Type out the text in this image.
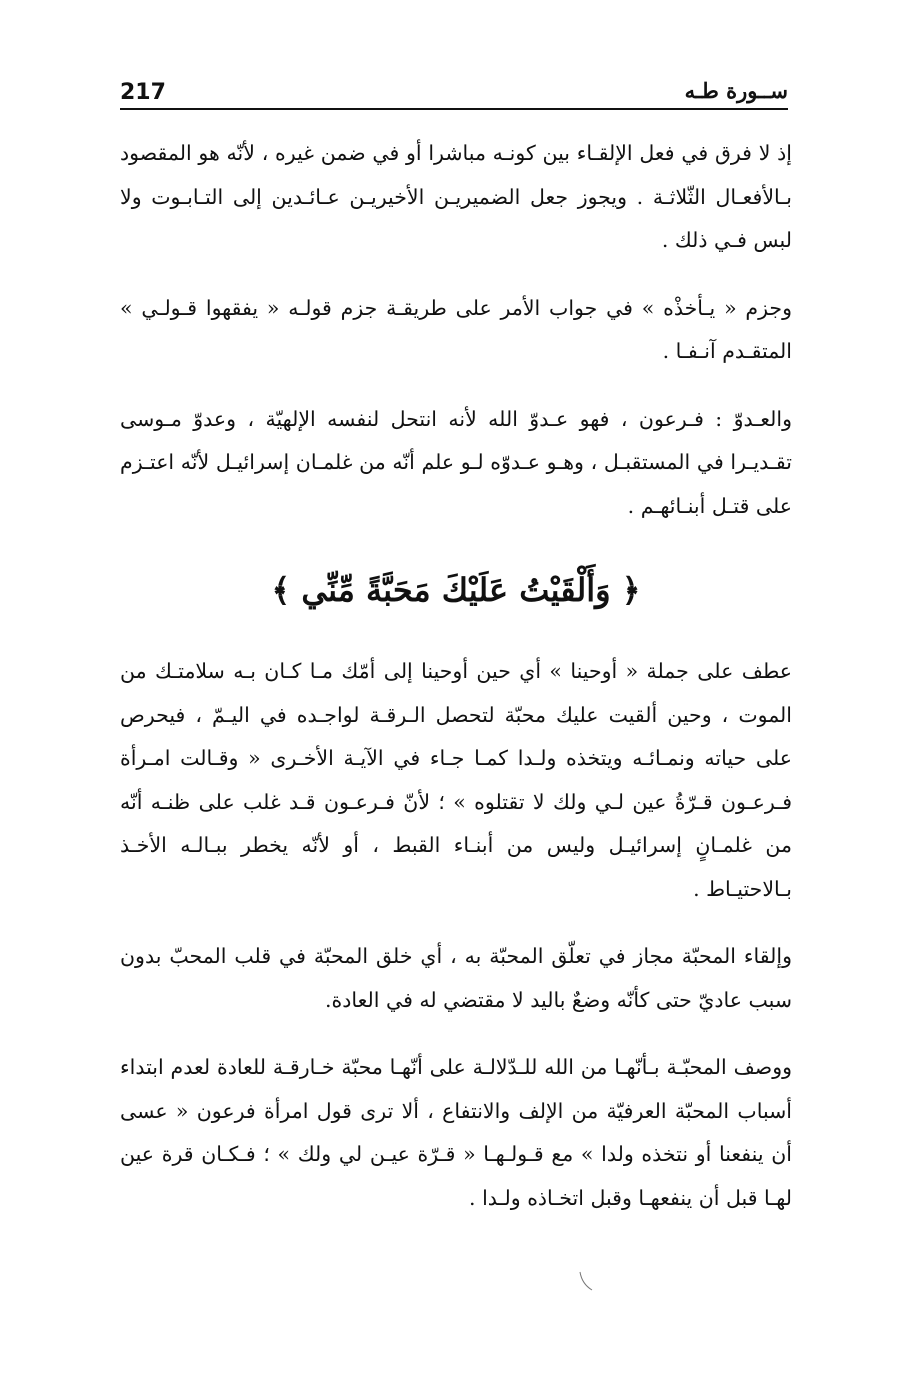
217	ســورة طـه

إذ لا فرق في فعل الإلقـاء بين كونـه مباشرا أو في ضمن غيره ، لأنّه هو المقصود بـالأفعـال الثّلاثـة . ويجوز جعل الضميريـن الأخيريـن عـائـدين إلى التـابـوت ولا لبس فـي ذلك .

وجزم « يـأخذْه » في جواب الأمر على طريقـة جزم قولـه « يفقهوا قـولـي » المتقـدم آنـفـا .

والعـدوّ : فـرعون ، فهو عـدوّ الله لأنه انتحل لنفسه الإلهيّة ، وعدوّ مـوسى تقـديـرا في المستقبـل ، وهـو عـدوّه لـو علم أنّه من غلمـان إسرائيـل لأنّه اعتـزم على قتـل أبنـائهـم .

﴿ وَأَلْقَيْتُ عَلَيْكَ مَحَبَّةً مِّنِّي ﴾

عطف على جملة « أوحينا » أي حين أوحينا إلى أمّك مـا كـان بـه سلامتـك من الموت ، وحين ألقيت عليك محبّة لتحصل الـرقـة لواجـده في اليـمّ ، فيحرص على حياته ونمـائـه ويتخذه ولـدا كمـا جـاء في الآيـة الأخـرى « وقـالت امـرأة فـرعـون قـرّةُ عين لـي ولك لا تقتلوه » ؛ لأنّ فـرعـون قـد غلب على ظنـه أنّه من غلمـانٍ إسرائيـل وليس من أبنـاء القبط ، أو لأنّه يخطر ببـالـه الأخـذ بـالاحتيـاط .

وإلقاء المحبّة مجاز في تعلّق المحبّة به ، أي خلق المحبّة في قلب المحبّ بدون سبب عاديّ حتى كأنّه وضعٌ باليد لا مقتضي له في العادة.

ووصف المحبّـة بـأنّهـا من الله للـدّلالـة على أنّهـا محبّة خـارقـة للعادة لعدم ابتداء أسباب المحبّة العرفيّة من الإلف والانتفاع ، ألا ترى قول امرأة فرعون « عسى أن ينفعنا أو نتخذه ولدا » مع قـولـهـا « قـرّة عيـن لي ولك » ؛ فـكـان قرة عين لهـا قبل أن ينفعهـا وقبل اتخـاذه ولـدا .
